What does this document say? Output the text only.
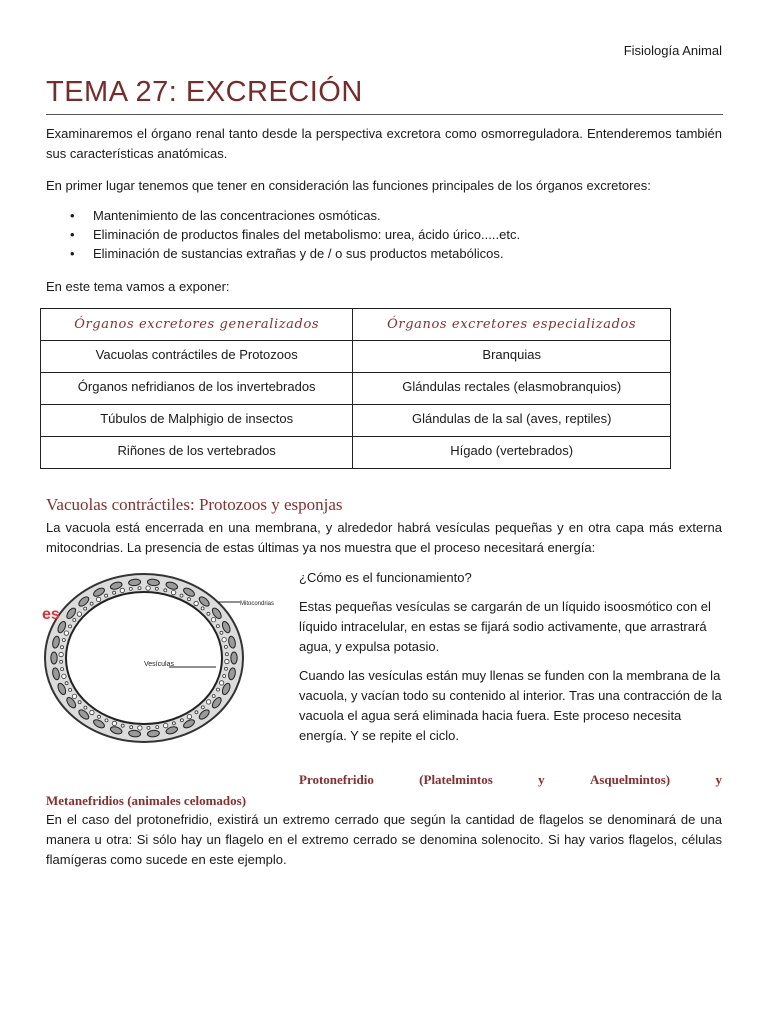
Fisiología Animal
TEMA 27: EXCRECIÓN

Examinaremos el órgano renal tanto desde la perspectiva excretora como osmorreguladora. Entenderemos también sus características anatómicas.

En primer lugar tenemos que tener en consideración las funciones principales de los órganos excretores:

• Mantenimiento de las concentraciones osmóticas.
• Eliminación de productos finales del metabolismo: urea, ácido úrico.....etc.
• Eliminación de sustancias extrañas y de / o sus productos metabólicos.

En este tema vamos a exponer:

Órganos excretores generalizados	Órganos excretores especializados
Vacuolas contráctiles de Protozoos	Branquias
Órganos nefridianos de los invertebrados	Glándulas rectales (elasmobranquios)
Túbulos de Malphigio de insectos	Glándulas de la sal (aves, reptiles)
Riñones de los vertebrados	Hígado (vertebrados)
Vacuolas contráctiles: Protozoos y esponjas

La vacuola está encerrada en una membrana, y alrededor habrá vesículas pequeñas y en otra capa más externa mitocondrias. La presencia de estas últimas ya nos muestra que el proceso necesitará energía:

Mitocondrias
Vesículas
es

¿Cómo es el funcionamiento?

Estas pequeñas vesículas se cargarán de un líquido isoosmótico con el líquido intracelular, en estas se fijará sodio activamente, que arrastrará agua, y expulsa potasio.

Cuando las vesículas están muy llenas se funden con la membrana de la vacuola, y vacían todo su contenido al interior. Tras una contracción de la vacuola el agua será eliminada hacia fuera. Este proceso necesita energía. Y se repite el ciclo.

Protonefridio	(Platelmintos	y	Asquelmintos)	y
Metanefridios (animales celomados)

En el caso del protonefridio, existirá un extremo cerrado que según la cantidad de flagelos se denominará de una manera u otra: Si sólo hay un flagelo en el extremo cerrado se denomina solenocito. Si hay varios flagelos, células flamígeras como sucede en este ejemplo.
